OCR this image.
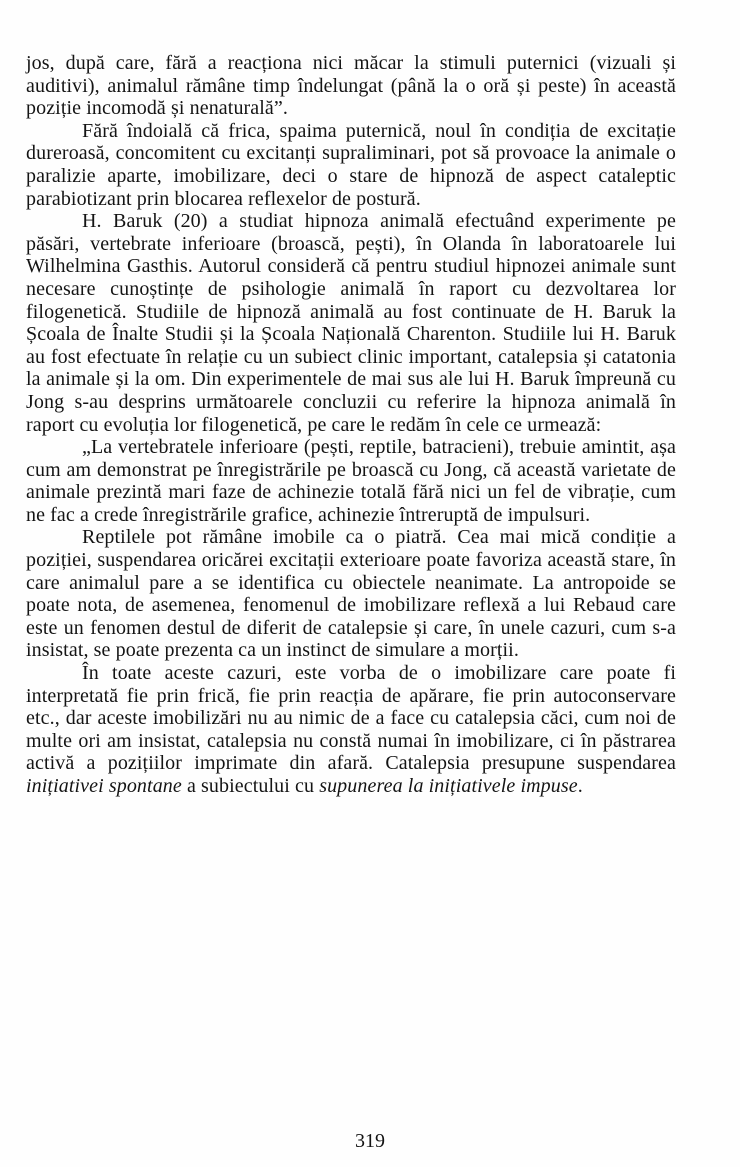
jos, după care, fără a reacționa nici măcar la stimuli puternici (vizuali și auditivi), animalul rămâne timp îndelungat (până la o oră și peste) în această poziție incomodă și nenaturală”.

Fără îndoială că frica, spaima puternică, noul în condiția de excitație dureroasă, concomitent cu excitanți supraliminari, pot să provoace la animale o paralizie aparte, imobilizare, deci o stare de hipnoză de aspect cataleptic parabiotizant prin blocarea reflexelor de postură.

H. Baruk (20) a studiat hipnoza animală efectuând experimente pe păsări, vertebrate inferioare (broască, pești), în Olanda în laboratoarele lui Wilhelmina Gasthis. Autorul consideră că pentru studiul hipnozei animale sunt necesare cunoștințe de psihologie animală în raport cu dezvoltarea lor filogenetică. Studiile de hipnoză animală au fost continuate de H. Baruk la Școala de Înalte Studii și la Școala Națională Charenton. Studiile lui H. Baruk au fost efectuate în relație cu un subiect clinic important, catalepsia și catatonia la animale și la om. Din experimentele de mai sus ale lui H. Baruk împreună cu Jong s-au desprins următoarele concluzii cu referire la hipnoza animală în raport cu evoluția lor filogenetică, pe care le redăm în cele ce urmează:

„La vertebratele inferioare (pești, reptile, batracieni), trebuie amintit, așa cum am demonstrat pe înregistrările pe broască cu Jong, că această varietate de animale prezintă mari faze de achinezie totală fără nici un fel de vibrație, cum ne fac a crede înregistrările grafice, achinezie întreruptă de impulsuri.

Reptilele pot rămâne imobile ca o piatră. Cea mai mică condiție a poziției, suspendarea oricărei excitații exterioare poate favoriza această stare, în care animalul pare a se identifica cu obiectele neanimate. La antropoide se poate nota, de asemenea, fenomenul de imobilizare reflexă a lui Rebaud care este un fenomen destul de diferit de catalepsie și care, în unele cazuri, cum s-a insistat, se poate prezenta ca un instinct de simulare a morții.

În toate aceste cazuri, este vorba de o imobilizare care poate fi interpretată fie prin frică, fie prin reacția de apărare, fie prin autoconservare etc., dar aceste imobilizări nu au nimic de a face cu catalepsia căci, cum noi de multe ori am insistat, catalepsia nu constă numai în imobilizare, ci în păstrarea activă a pozițiilor imprimate din afară. Catalepsia presupune suspendarea inițiativei spontane a subiectului cu supunerea la inițiativele impuse.

319
